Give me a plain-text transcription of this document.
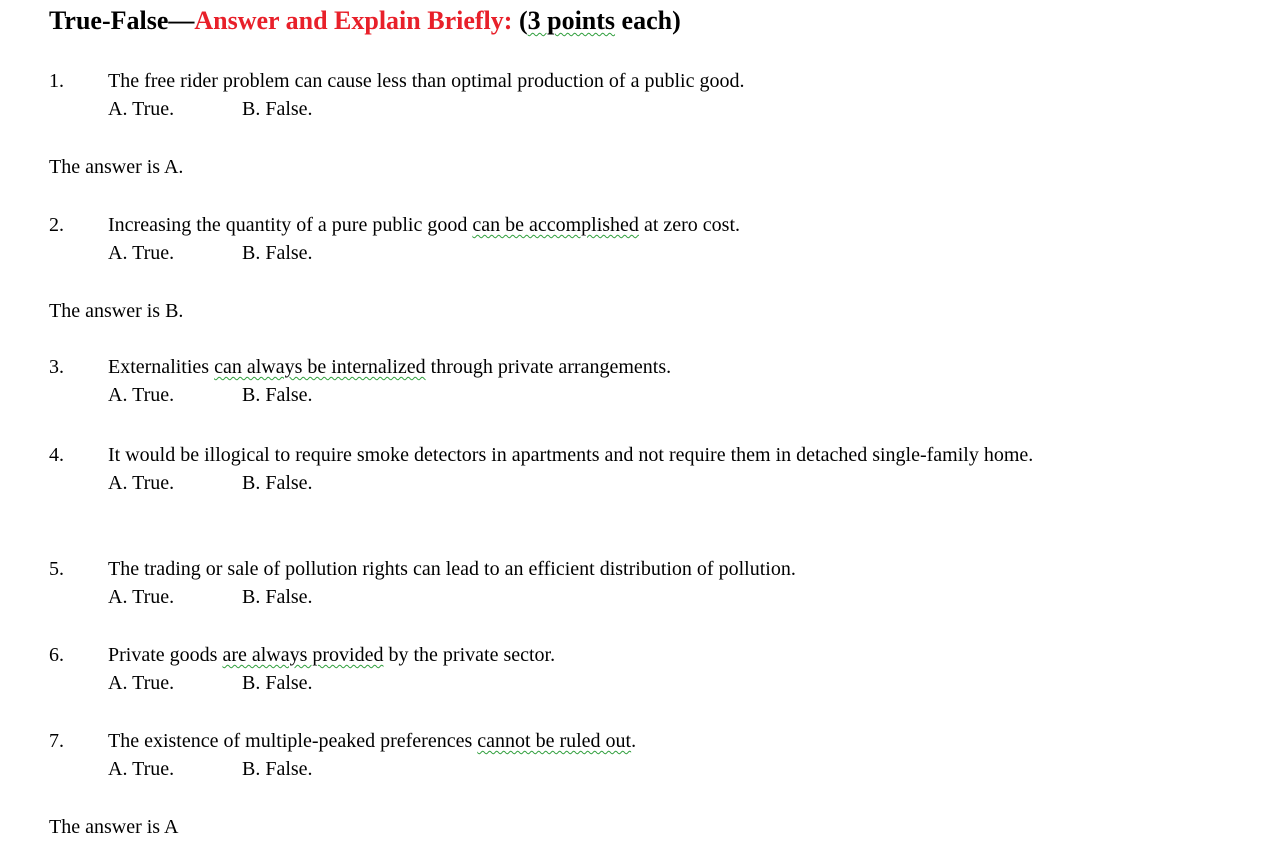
True-False—Answer and Explain Briefly: (3 points each)
1.	The free rider problem can cause less than optimal production of a public good.
A. True.	B. False.
The answer is A.
2.	Increasing the quantity of a pure public good can be accomplished at zero cost.
A. True.	B. False.
The answer is B.
3.	Externalities can always be internalized through private arrangements.
A. True.	B. False.
4.	It would be illogical to require smoke detectors in apartments and not require them in detached single-family home.
A. True.	B. False.
5.	The trading or sale of pollution rights can lead to an efficient distribution of pollution.
A. True.	B. False.
6.	Private goods are always provided by the private sector.
A. True.	B. False.
7.	The existence of multiple-peaked preferences cannot be ruled out.
A. True.	B. False.
The answer is A
